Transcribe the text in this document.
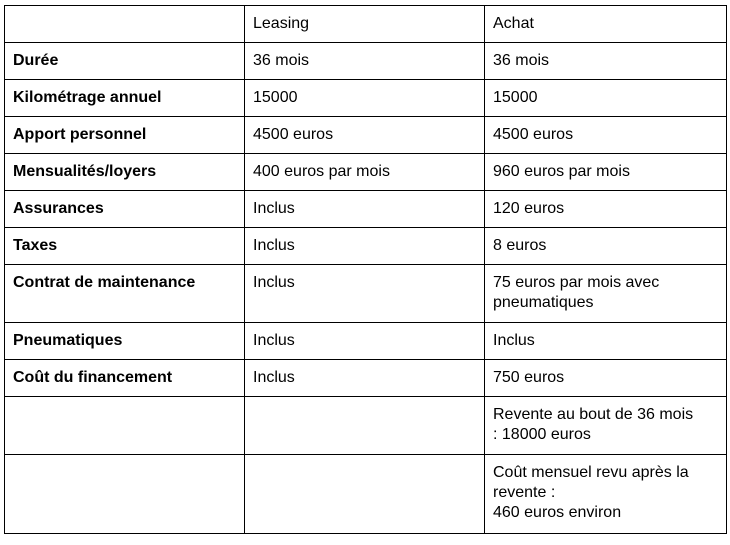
	Leasing	Achat
Durée	36 mois	36 mois
Kilométrage annuel	15000	15000
Apport personnel	4500 euros	4500 euros
Mensualités/loyers	400 euros par mois	960 euros par mois
Assurances	Inclus	120 euros
Taxes	Inclus	8 euros
Contrat de maintenance	Inclus	75 euros par mois avec
pneumatiques
Pneumatiques	Inclus	Inclus
Coût du financement	Inclus	750 euros
		Revente au bout de 36 mois
: 18000 euros
		Coût mensuel revu après la
revente :
460 euros environ
